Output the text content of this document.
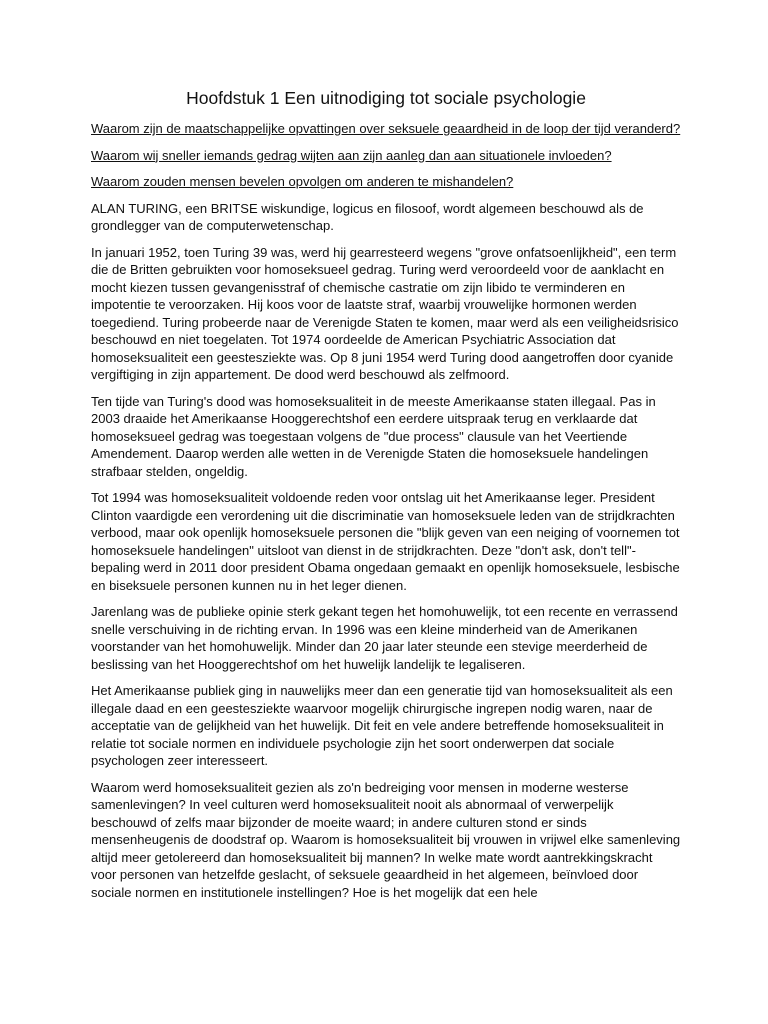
Hoofdstuk 1 Een uitnodiging tot sociale psychologie

Waarom zijn de maatschappelijke opvattingen over seksuele geaardheid in de loop der tijd veranderd?

Waarom wij sneller iemands gedrag wijten aan zijn aanleg dan aan situationele invloeden?

Waarom zouden mensen bevelen opvolgen om anderen te mishandelen?

ALAN TURING, een BRITSE wiskundige, logicus en filosoof, wordt algemeen beschouwd als de grondlegger van de computerwetenschap.

In januari 1952, toen Turing 39 was, werd hij gearresteerd wegens "grove onfatsoenlijkheid", een term die de Britten gebruikten voor homoseksueel gedrag. Turing werd veroordeeld voor de aanklacht en mocht kiezen tussen gevangenisstraf of chemische castratie om zijn libido te verminderen en impotentie te veroorzaken. Hij koos voor de laatste straf, waarbij vrouwelijke hormonen werden toegediend. Turing probeerde naar de Verenigde Staten te komen, maar werd als een veiligheidsrisico beschouwd en niet toegelaten. Tot 1974 oordeelde de American Psychiatric Association dat homoseksualiteit een geestesziekte was. Op 8 juni 1954 werd Turing dood aangetroffen door cyanide vergiftiging in zijn appartement. De dood werd beschouwd als zelfmoord.

Ten tijde van Turing's dood was homoseksualiteit in de meeste Amerikaanse staten illegaal. Pas in 2003 draaide het Amerikaanse Hooggerechtshof een eerdere uitspraak terug en verklaarde dat homoseksueel gedrag was toegestaan volgens de "due process" clausule van het Veertiende Amendement. Daarop werden alle wetten in de Verenigde Staten die homoseksuele handelingen strafbaar stelden, ongeldig.

Tot 1994 was homoseksualiteit voldoende reden voor ontslag uit het Amerikaanse leger. President Clinton vaardigde een verordening uit die discriminatie van homoseksuele leden van de strijdkrachten verbood, maar ook openlijk homoseksuele personen die "blijk geven van een neiging of voornemen tot homoseksuele handelingen" uitsloot van dienst in de strijdkrachten. Deze "don't ask, don't tell"-bepaling werd in 2011 door president Obama ongedaan gemaakt en openlijk homoseksuele, lesbische en biseksuele personen kunnen nu in het leger dienen.

Jarenlang was de publieke opinie sterk gekant tegen het homohuwelijk, tot een recente en verrassend snelle verschuiving in de richting ervan. In 1996 was een kleine minderheid van de Amerikanen voorstander van het homohuwelijk. Minder dan 20 jaar later steunde een stevige meerderheid de beslissing van het Hooggerechtshof om het huwelijk landelijk te legaliseren.

Het Amerikaanse publiek ging in nauwelijks meer dan een generatie tijd van homoseksualiteit als een illegale daad en een geestesziekte waarvoor mogelijk chirurgische ingrepen nodig waren, naar de acceptatie van de gelijkheid van het huwelijk. Dit feit en vele andere betreffende homoseksualiteit in relatie tot sociale normen en individuele psychologie zijn het soort onderwerpen dat sociale psychologen zeer interesseert.

Waarom werd homoseksualiteit gezien als zo'n bedreiging voor mensen in moderne westerse samenlevingen? In veel culturen werd homoseksualiteit nooit als abnormaal of verwerpelijk beschouwd of zelfs maar bijzonder de moeite waard; in andere culturen stond er sinds mensenheugenis de doodstraf op. Waarom is homoseksualiteit bij vrouwen in vrijwel elke samenleving altijd meer getolereerd dan homoseksualiteit bij mannen? In welke mate wordt aantrekkingskracht voor personen van hetzelfde geslacht, of seksuele geaardheid in het algemeen, beïnvloed door sociale normen en institutionele instellingen? Hoe is het mogelijk dat een hele
